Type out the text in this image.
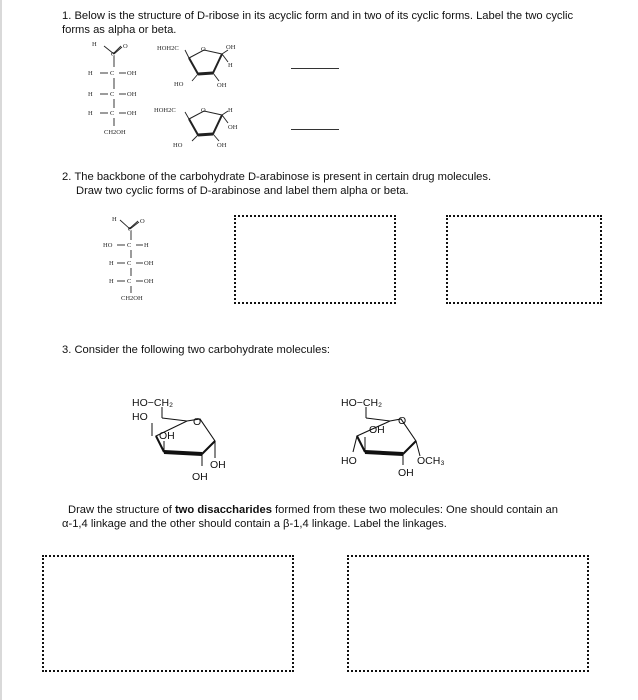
1. Below is the structure of D-ribose in its acyclic form and in two of its cyclic forms. Label the two cyclic
forms as alpha or beta.
2. The backbone of the carbohydrate D-arabinose is present in certain drug molecules.
Draw two cyclic forms of D-arabinose and label them alpha or beta.
3. Consider the following two carbohydrate molecules:
Draw the structure of two disaccharides formed from these two molecules: One should contain an
α-1,4 linkage and the other should contain a β-1,4 linkage. Label the linkages.
H	O
C
H	C OH
H	C OH
H	C OH
CH2OH
HOH2C	O	OH
H
HO	OH
HOH2C	O	H
OH
HO	OH
H	O
C
HO C H
H C OH
H C OH
CH2OH
HO−CH₂
HO	O
OH
OH
OH
HO−CH₂
O
OH
HO	OCH₃
OH
